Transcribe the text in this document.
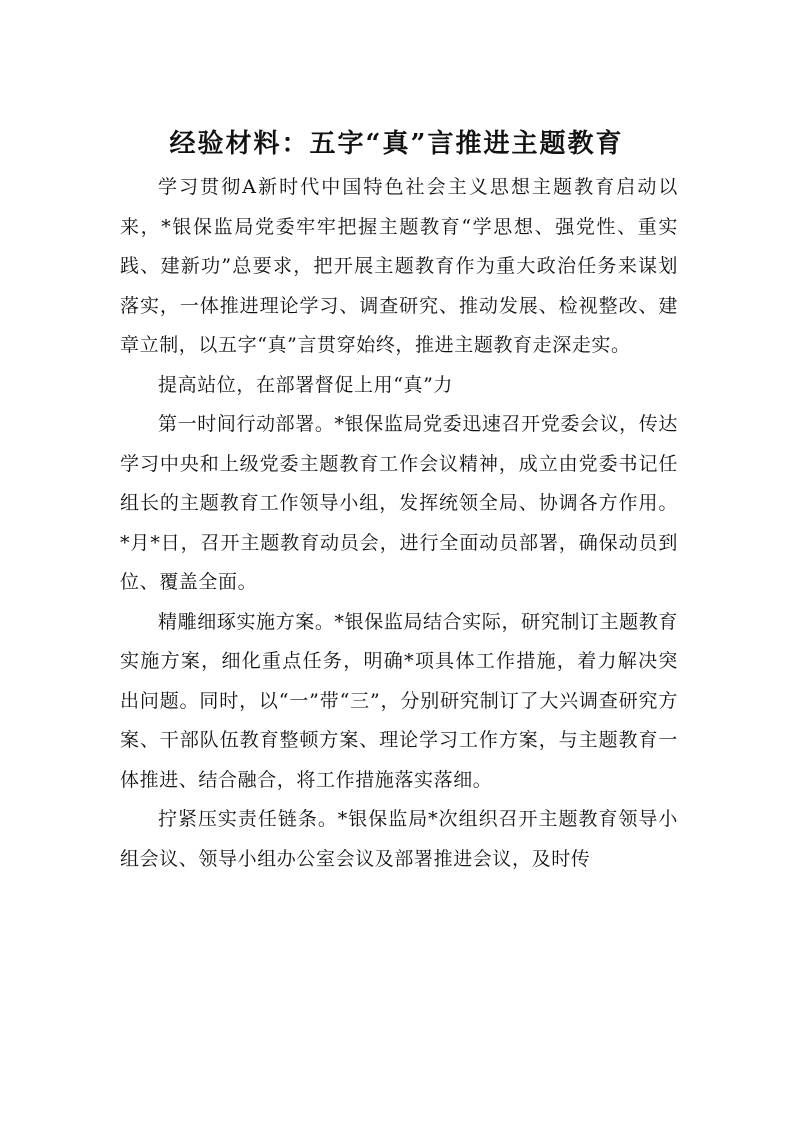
经验材料：五字“真”言推进主题教育

学习贯彻A新时代中国特色社会主义思想主题教育启动以来，*银保监局党委牢牢把握主题教育“学思想、强党性、重实践、建新功”总要求，把开展主题教育作为重大政治任务来谋划落实，一体推进理论学习、调查研究、推动发展、检视整改、建章立制，以五字“真”言贯穿始终，推进主题教育走深走实。

提高站位，在部署督促上用“真”力

第一时间行动部署。*银保监局党委迅速召开党委会议，传达学习中央和上级党委主题教育工作会议精神，成立由党委书记任组长的主题教育工作领导小组，发挥统领全局、协调各方作用。*月*日，召开主题教育动员会，进行全面动员部署，确保动员到位、覆盖全面。

精雕细琢实施方案。*银保监局结合实际，研究制订主题教育实施方案，细化重点任务，明确*项具体工作措施，着力解决突出问题。同时，以“一”带“三”，分别研究制订了大兴调查研究方案、干部队伍教育整顿方案、理论学习工作方案，与主题教育一体推进、结合融合，将工作措施落实落细。

拧紧压实责任链条。*银保监局*次组织召开主题教育领导小组会议、领导小组办公室会议及部署推进会议，及时传
